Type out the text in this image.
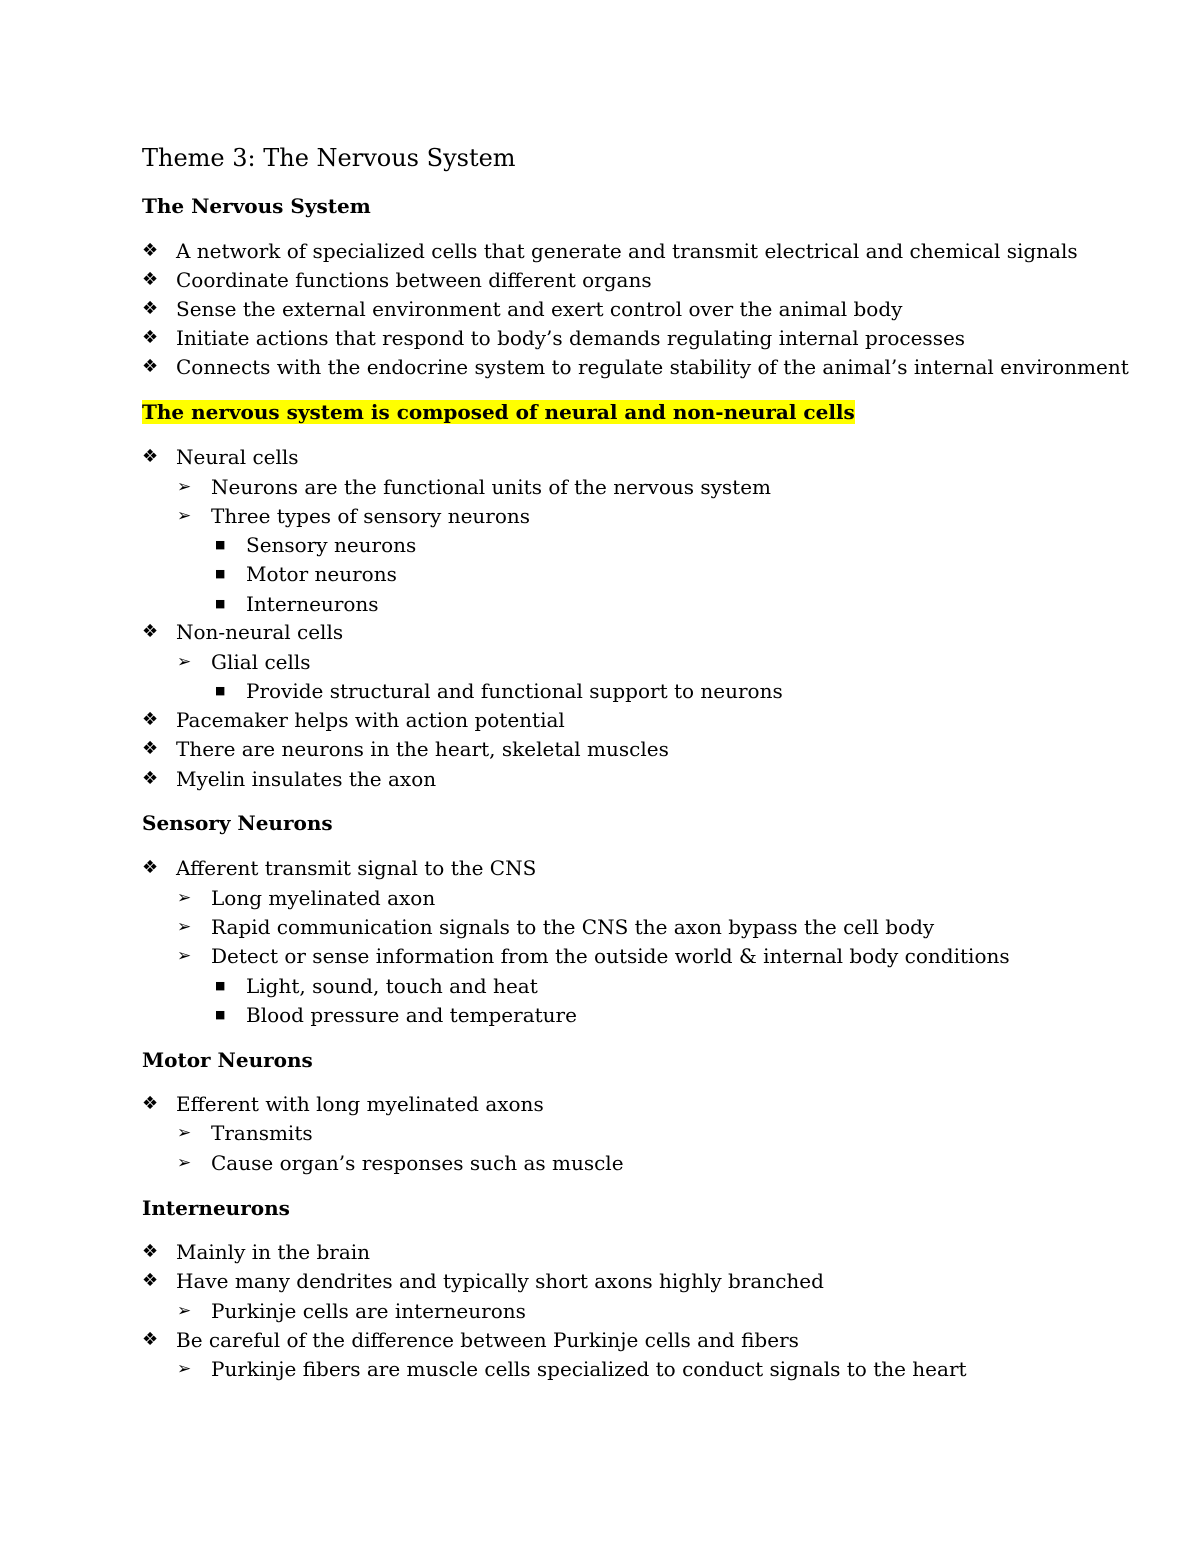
Theme 3: The Nervous System
The Nervous System
❖ A network of specialized cells that generate and transmit electrical and chemical signals
❖ Coordinate functions between different organs
❖ Sense the external environment and exert control over the animal body
❖ Initiate actions that respond to body’s demands regulating internal processes
❖ Connects with the endocrine system to regulate stability of the animal’s internal environment
The nervous system is composed of neural and non-neural cells
❖ Neural cells
➢ Neurons are the functional units of the nervous system
➢ Three types of sensory neurons
■	Sensory neurons
■	Motor neurons
■	Interneurons
❖ Non-neural cells
➢ Glial cells
■	Provide structural and functional support to neurons
❖ Pacemaker helps with action potential
❖ There are neurons in the heart, skeletal muscles
❖ Myelin insulates the axon
Sensory Neurons
❖ Afferent transmit signal to the CNS
➢ Long myelinated axon
➢ Rapid communication signals to the CNS the axon bypass the cell body
➢ Detect or sense information from the outside world & internal body conditions
■	Light, sound, touch and heat
■	Blood pressure and temperature
Motor Neurons
❖ Efferent with long myelinated axons
➢ Transmits
➢ Cause organ’s responses such as muscle
Interneurons
❖ Mainly in the brain
❖ Have many dendrites and typically short axons highly branched
➢ Purkinje cells are interneurons
❖ Be careful of the difference between Purkinje cells and fibers
➢ Purkinje fibers are muscle cells specialized to conduct signals to the heart
